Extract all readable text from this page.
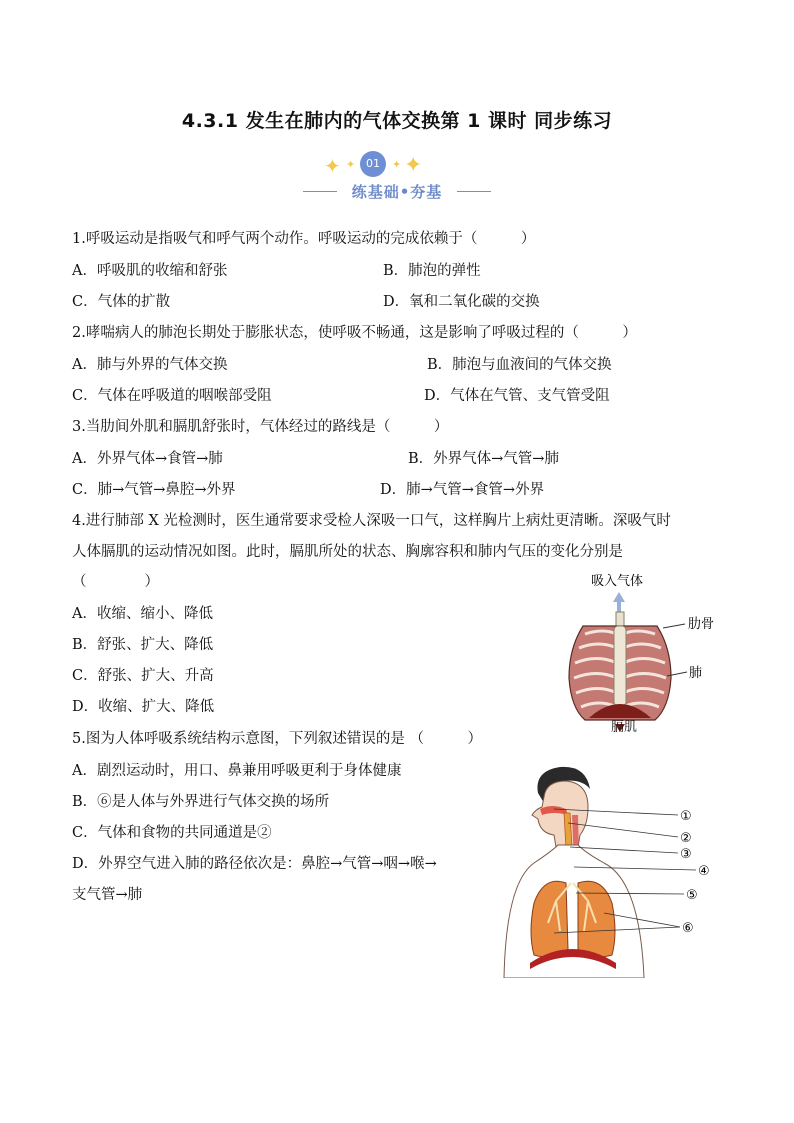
4.3.1 发生在肺内的气体交换第 1 课时 同步练习
✦ ✦ 01	✦ ✦
练基础•夯基
1.呼吸运动是指吸气和呼气两个动作。呼吸运动的完成依赖于（　　　）
A．呼吸肌的收缩和舒张	B．肺泡的弹性
C．气体的扩散	D．氧和二氧化碳的交换
2.哮喘病人的肺泡长期处于膨胀状态，使呼吸不畅通，这是影响了呼吸过程的（　　　）
A．肺与外界的气体交换	B．肺泡与血液间的气体交换
C．气体在呼吸道的咽喉部受阻	D．气体在气管、支气管受阻
3.当肋间外肌和膈肌舒张时，气体经过的路线是（　　　）
A．外界气体→食管→肺	B．外界气体→气管→肺
C．肺→气管→鼻腔→外界	D．肺→气管→食管→外界
4.进行肺部 X 光检测时，医生通常要求受检人深吸一口气，这样胸片上病灶更清晰。深吸气时
人体膈肌的运动情况如图。此时，膈肌所处的状态、胸廓容积和肺内气压的变化分别是
（　　　　）
A．收缩、缩小、降低
B．舒张、扩大、降低
C．舒张、扩大、升高
D．收缩、扩大、降低
吸入气体
肋骨
肺
膈肌
5.图为人体呼吸系统结构示意图，下列叙述错误的是 （　　　）
A．剧烈运动时，用口、鼻兼用呼吸更利于身体健康
B．⑥是人体与外界进行气体交换的场所
C．气体和食物的共同通道是②
D．外界空气进入肺的路径依次是：鼻腔→气管→咽→喉→
支气管→肺
①
②
③
④
⑤
⑥
